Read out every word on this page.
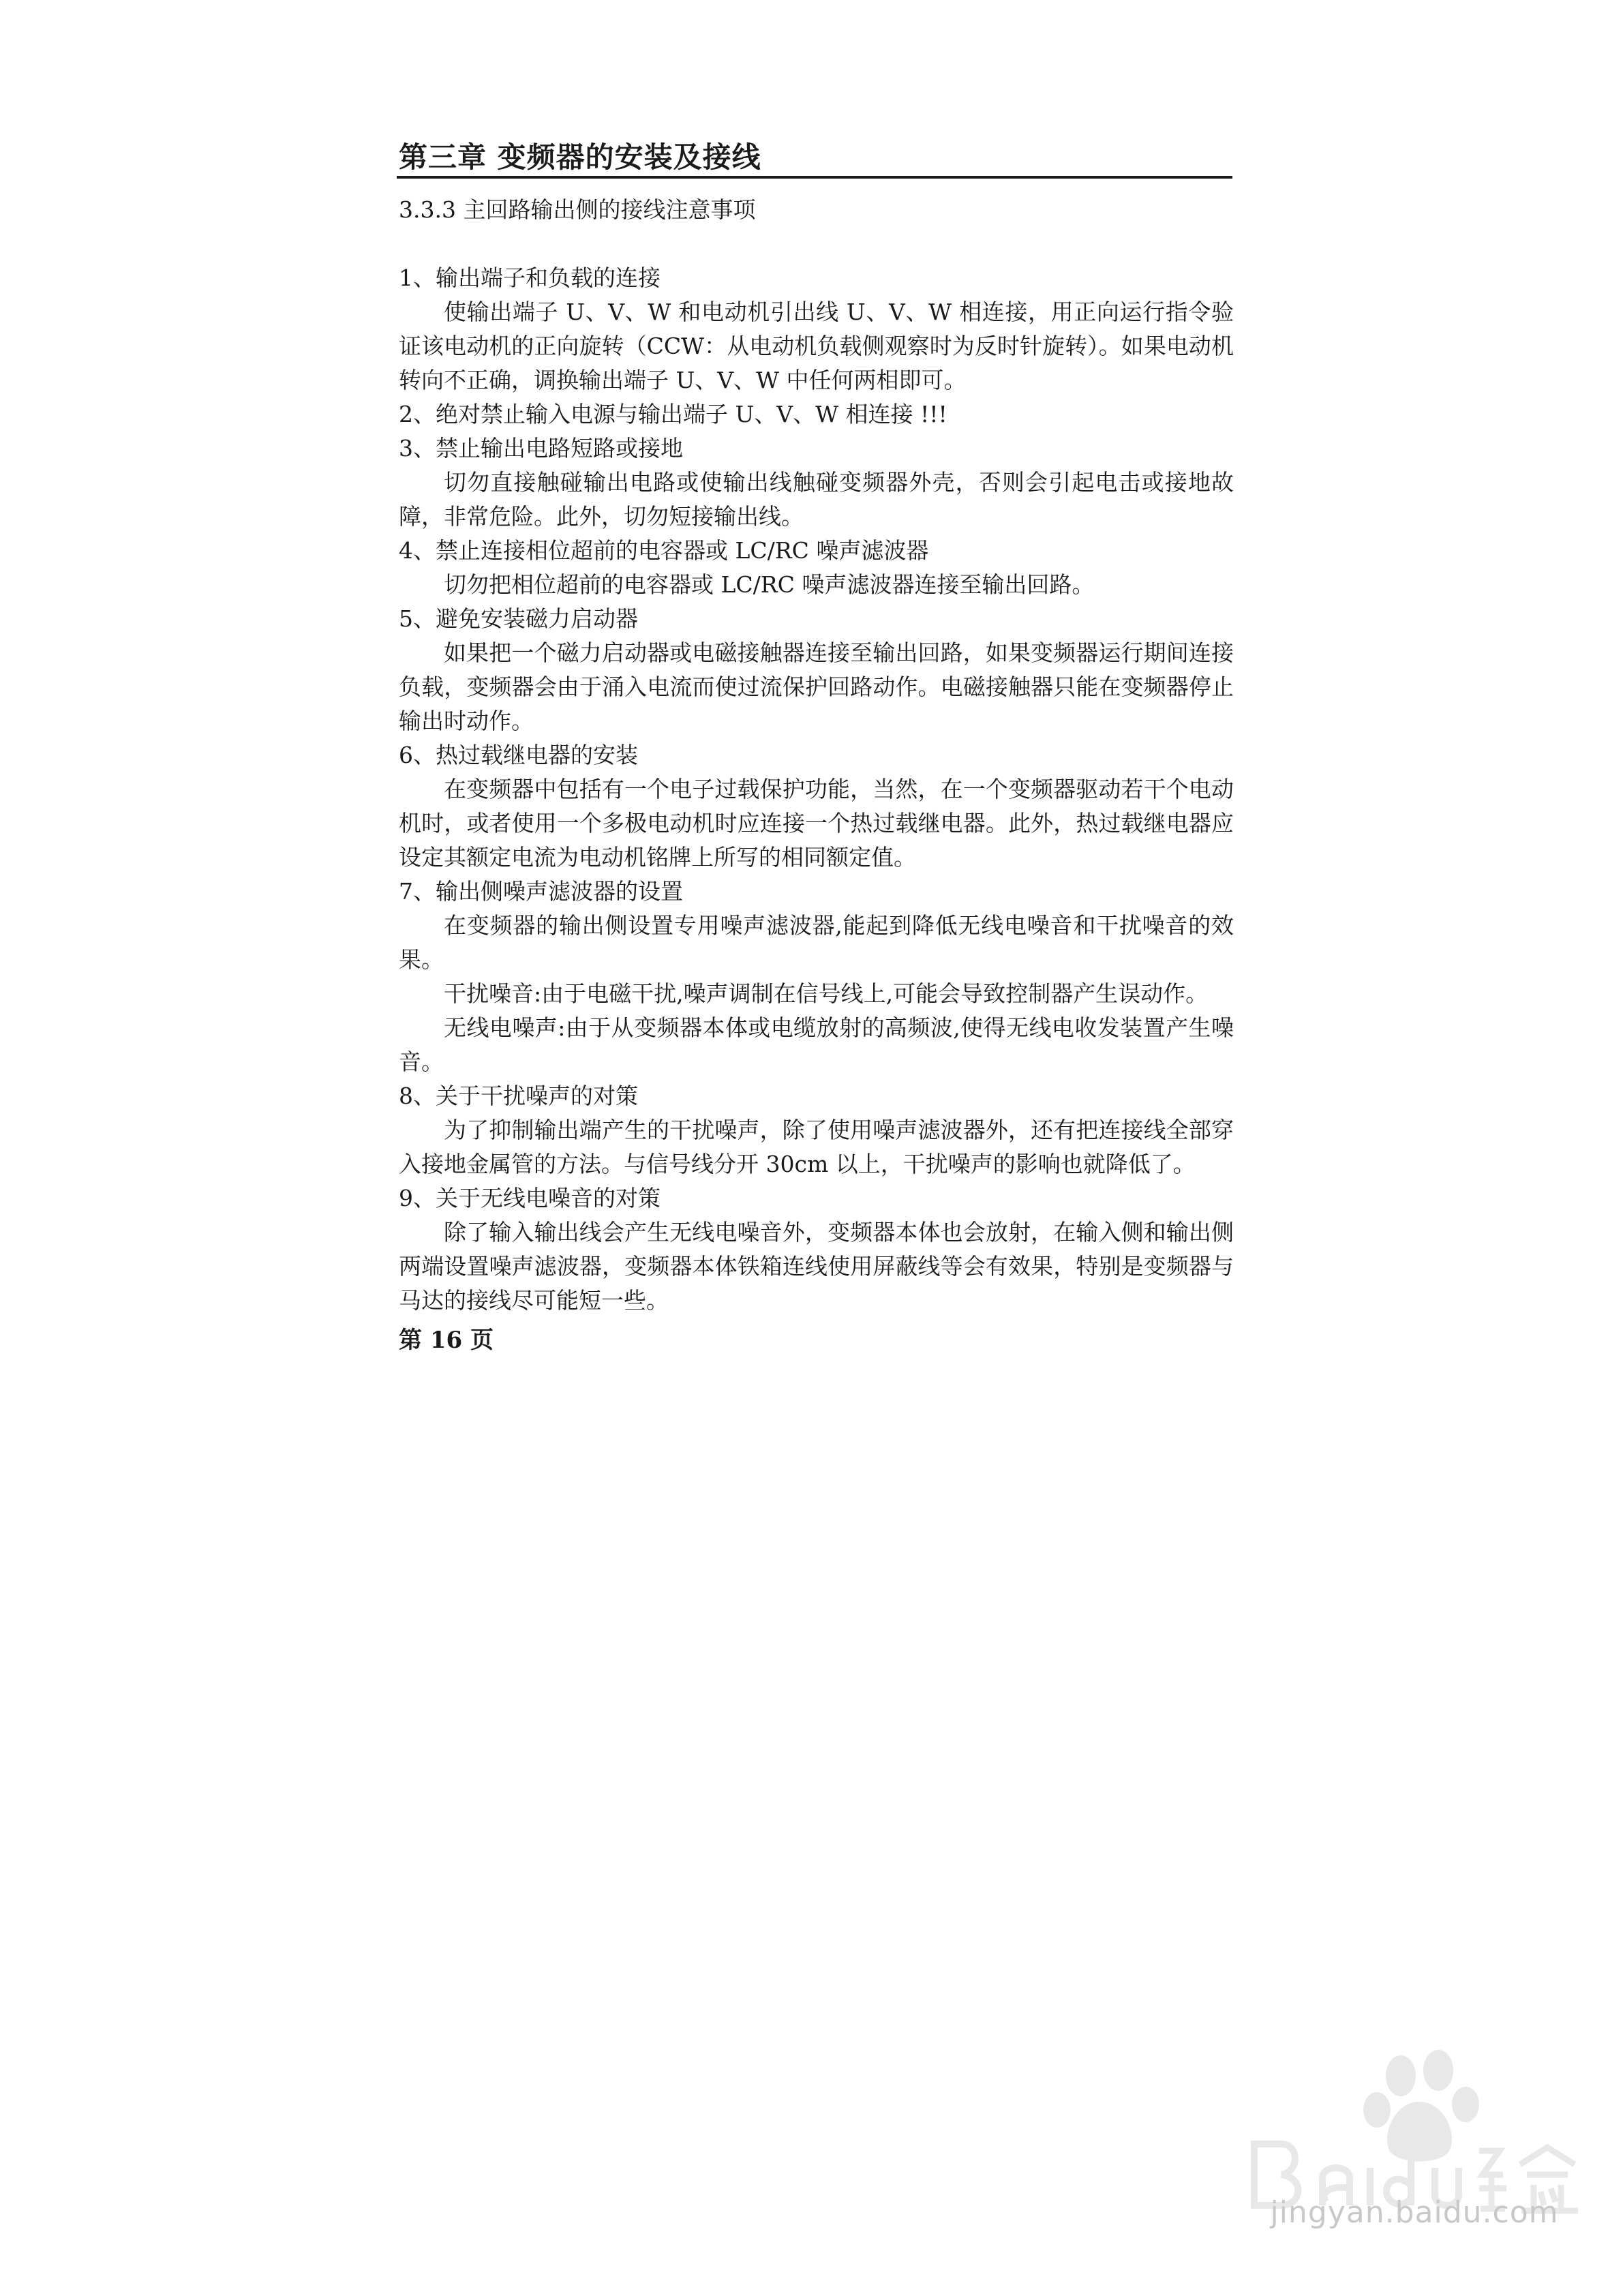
第三章 变频器的安装及接线

3.3.3 主回路输出侧的接线注意事项

1、输出端子和负载的连接

使输出端子 U、V、W 和电动机引出线 U、V、W 相连接，用正向运行指令验证该电动机的正向旋转（CCW：从电动机负载侧观察时为反时针旋转）。如果电动机转向不正确，调换输出端子 U、V、W 中任何两相即可。

2、绝对禁止输入电源与输出端子 U、V、W 相连接 !!!

3、禁止输出电路短路或接地

切勿直接触碰输出电路或使输出线触碰变频器外壳，否则会引起电击或接地故障，非常危险。此外，切勿短接输出线。

4、禁止连接相位超前的电容器或 LC/RC 噪声滤波器

切勿把相位超前的电容器或 LC/RC 噪声滤波器连接至输出回路。

5、避免安装磁力启动器

如果把一个磁力启动器或电磁接触器连接至输出回路，如果变频器运行期间连接负载，变频器会由于涌入电流而使过流保护回路动作。电磁接触器只能在变频器停止输出时动作。

6、热过载继电器的安装

在变频器中包括有一个电子过载保护功能，当然，在一个变频器驱动若干个电动机时，或者使用一个多极电动机时应连接一个热过载继电器。此外，热过载继电器应设定其额定电流为电动机铭牌上所写的相同额定值。

7、输出侧噪声滤波器的设置

在变频器的输出侧设置专用噪声滤波器,能起到降低无线电噪音和干扰噪音的效果。

干扰噪音:由于电磁干扰,噪声调制在信号线上,可能会导致控制器产生误动作。

无线电噪声:由于从变频器本体或电缆放射的高频波,使得无线电收发装置产生噪音。

8、关于干扰噪声的对策

为了抑制输出端产生的干扰噪声，除了使用噪声滤波器外，还有把连接线全部穿入接地金属管的方法。与信号线分开 30cm 以上，干扰噪声的影响也就降低了。

9、关于无线电噪音的对策

除了输入输出线会产生无线电噪音外，变频器本体也会放射，在输入侧和输出侧两端设置噪声滤波器，变频器本体铁箱连线使用屏蔽线等会有效果，特别是变频器与马达的接线尽可能短一些。

第 16 页

jingyan.baidu.com
